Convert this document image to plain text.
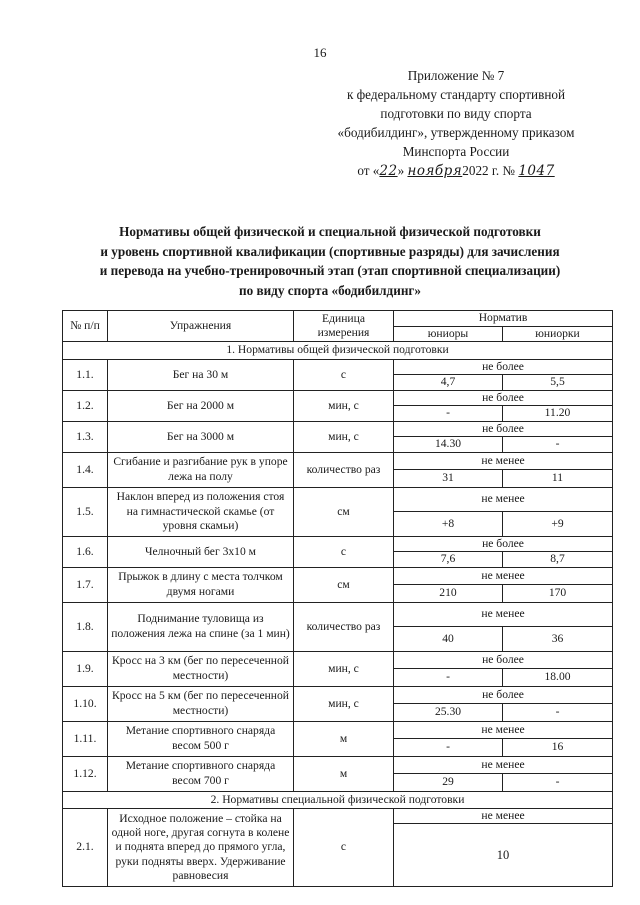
16
Приложение № 7
к федеральному стандарту спортивной
подготовки по виду спорта
«бодибилдинг», утвержденному приказом
Минспорта России
от «22» ноября2022 г. № 1047
Нормативы общей физической и специальной физической подготовки
и уровень спортивной квалификации (спортивные разряды) для зачисления
и перевода на учебно-тренировочный этап (этап спортивной специализации)
по виду спорта «бодибилдинг»
№ п/п	Упражнения	Единица измерения	Норматив	
			юниоры	юниорки
1. Нормативы общей физической подготовки				
1.1.	Бег на 30 м	с	не более	
			4,7	5,5
1.2.	Бег на 2000 м	мин, с	не более	
			-	11.20
1.3.	Бег на 3000 м	мин, с	не более	
			14.30	-
1.4.	Сгибание и разгибание рук в упоре лежа на полу	количество раз	не менее	
			31	11
1.5.	Наклон вперед из положения стоя на гимнастической скамье (от уровня скамьи)	см	не менее	
			+8	+9
1.6.	Челночный бег 3x10 м	с	не более	
			7,6	8,7
1.7.	Прыжок в длину с места толчком двумя ногами	см	не менее	
			210	170
1.8.	Поднимание туловища из положения лежа на спине (за 1 мин)	количество раз	не менее	
			40	36
1.9.	Кросс на 3 км (бег по пересеченной местности)	мин, с	не более	
			-	18.00
1.10.	Кросс на 5 км (бег по пересеченной местности)	мин, с	не более	
			25.30	-
1.11.	Метание спортивного снаряда весом 500 г	м	не менее	
			-	16
1.12.	Метание спортивного снаряда весом 700 г	м	не менее	
			29	-
2. Нормативы специальной физической подготовки				
2.1.	Исходное положение – стойка на одной ноге, другая согнута в колене и поднята вперед до прямого угла, руки подняты вверх. Удерживание равновесия	с	не менее	
			10	
